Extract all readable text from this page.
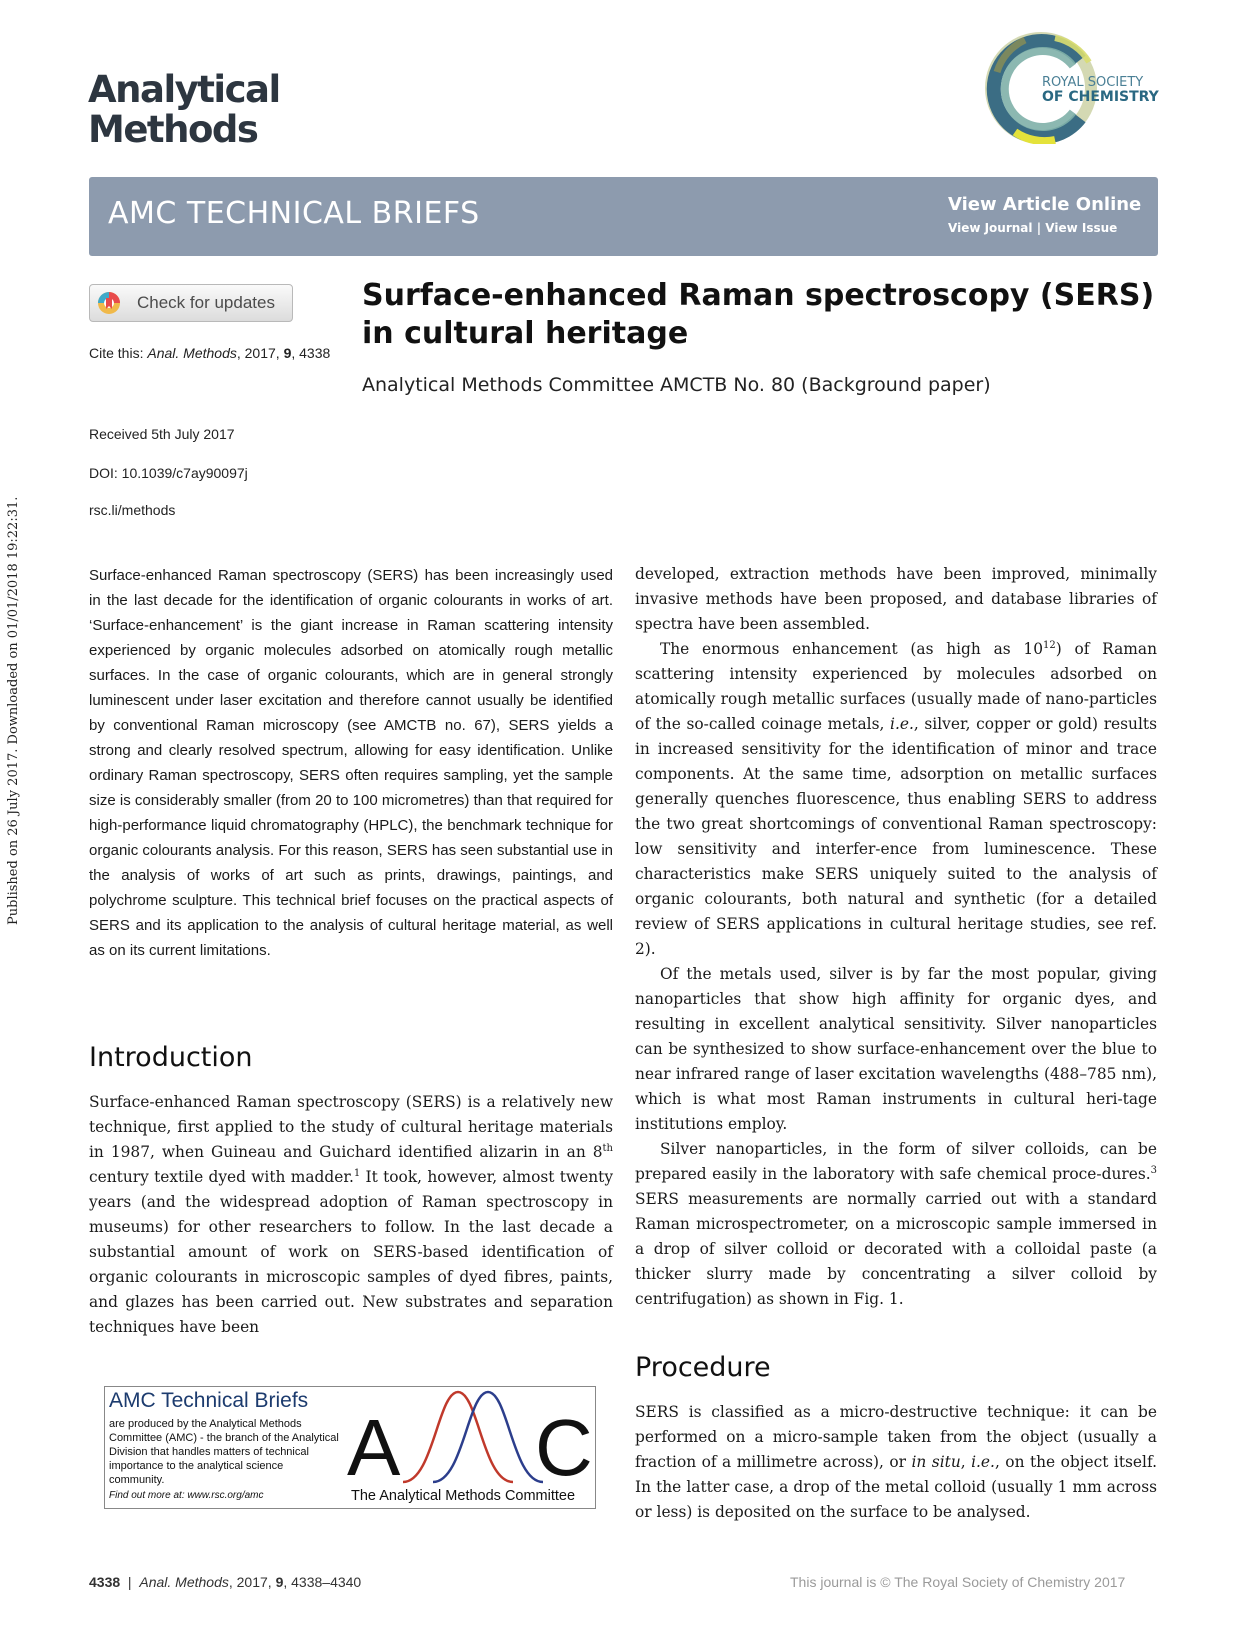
Analytical
Methods
ROYAL SOCIETY
OF CHEMISTRY
AMC TECHNICAL BRIEFS	View Article Online
View Journal | View Issue
Check for updates
Cite this: Anal. Methods, 2017, 9, 4338
Surface-enhanced Raman spectroscopy (SERS) in cultural heritage
Analytical Methods Committee AMCTB No. 80 (Background paper)
Received 5th July 2017
DOI: 10.1039/c7ay90097j
rsc.li/methods
Published on 26 July 2017. Downloaded on 01/01/2018 19:22:31.	Surface-enhanced Raman spectroscopy (SERS) has been increasingly used in the last decade for the identification of organic colourants in works of art. ‘Surface-enhancement’ is the giant increase in Raman scattering intensity experienced by organic molecules adsorbed on atomically rough metallic surfaces. In the case of organic colourants, which are in general strongly luminescent under laser excitation and therefore cannot usually be identified by conventional Raman microscopy (see AMCTB no. 67), SERS yields a strong and clearly resolved spectrum, allowing for easy identification. Unlike ordinary Raman spectroscopy, SERS often requires sampling, yet the sample size is considerably smaller (from 20 to 100 micrometres) than that required for high-performance liquid chromatography (HPLC), the benchmark technique for organic colourants analysis. For this reason, SERS has seen substantial use in the analysis of works of art such as prints, drawings, paintings, and polychrome sculpture. This technical brief focuses on the practical aspects of SERS and its application to the analysis of cultural heritage material, as well as on its current limitations.
Introduction
Surface-enhanced Raman spectroscopy (SERS) is a relatively new technique, first applied to the study of cultural heritage materials in 1987, when Guineau and Guichard identified alizarin in an 8th century textile dyed with madder.$^1$ It took, however, almost twenty years (and the widespread adoption of Raman spectroscopy in museums) for other researchers to follow. In the last decade a substantial amount of work on SERS-based identification of organic colourants in microscopic samples of dyed fibres, paints, and glazes has been carried out. New substrates and separation techniques have been

developed, extraction methods have been improved, minimally invasive methods have been proposed, and database libraries of spectra have been assembled.

The enormous enhancement (as high as $10^{12}$) of Raman scattering intensity experienced by molecules adsorbed on atomically rough metallic surfaces (usually made of nano-particles of the so-called coinage metals, i.e., silver, copper or gold) results in increased sensitivity for the identification of minor and trace components. At the same time, adsorption on metallic surfaces generally quenches fluorescence, thus enabling SERS to address the two great shortcomings of conventional Raman spectroscopy: low sensitivity and interfer-ence from luminescence. These characteristics make SERS uniquely suited to the analysis of organic colourants, both natural and synthetic (for a detailed review of SERS applications in cultural heritage studies, see ref. 2).

Of the metals used, silver is by far the most popular, giving nanoparticles that show high affinity for organic dyes, and resulting in excellent analytical sensitivity. Silver nanoparticles can be synthesized to show surface-enhancement over the blue to near infrared range of laser excitation wavelengths (488–785 nm), which is what most Raman instruments in cultural heri-tage institutions employ.

Silver nanoparticles, in the form of silver colloids, can be prepared easily in the laboratory with safe chemical proce-dures.$^3$ SERS measurements are normally carried out with a standard Raman microspectrometer, on a microscopic sample immersed in a drop of silver colloid or decorated with a colloidal paste (a thicker slurry made by concentrating a silver colloid by centrifugation) as shown in Fig. 1.

Procedure
SERS is classified as a micro-destructive technique: it can be performed on a micro-sample taken from the object (usually a fraction of a millimetre across), or in situ, i.e., on the object itself. In the latter case, a drop of the metal colloid (usually 1 mm across or less) is deposited on the surface to be analysed.
AMC Technical Briefs
are produced by the Analytical Methods Committee (AMC) - the branch of the Analytical Division that handles matters of technical importance to the analytical science community.
Find out more at: www.rsc.org/amc
A C
The Analytical Methods Committee
4338  |  Anal. Methods, 2017, 9, 4338–4340	This journal is © The Royal Society of Chemistry 2017
